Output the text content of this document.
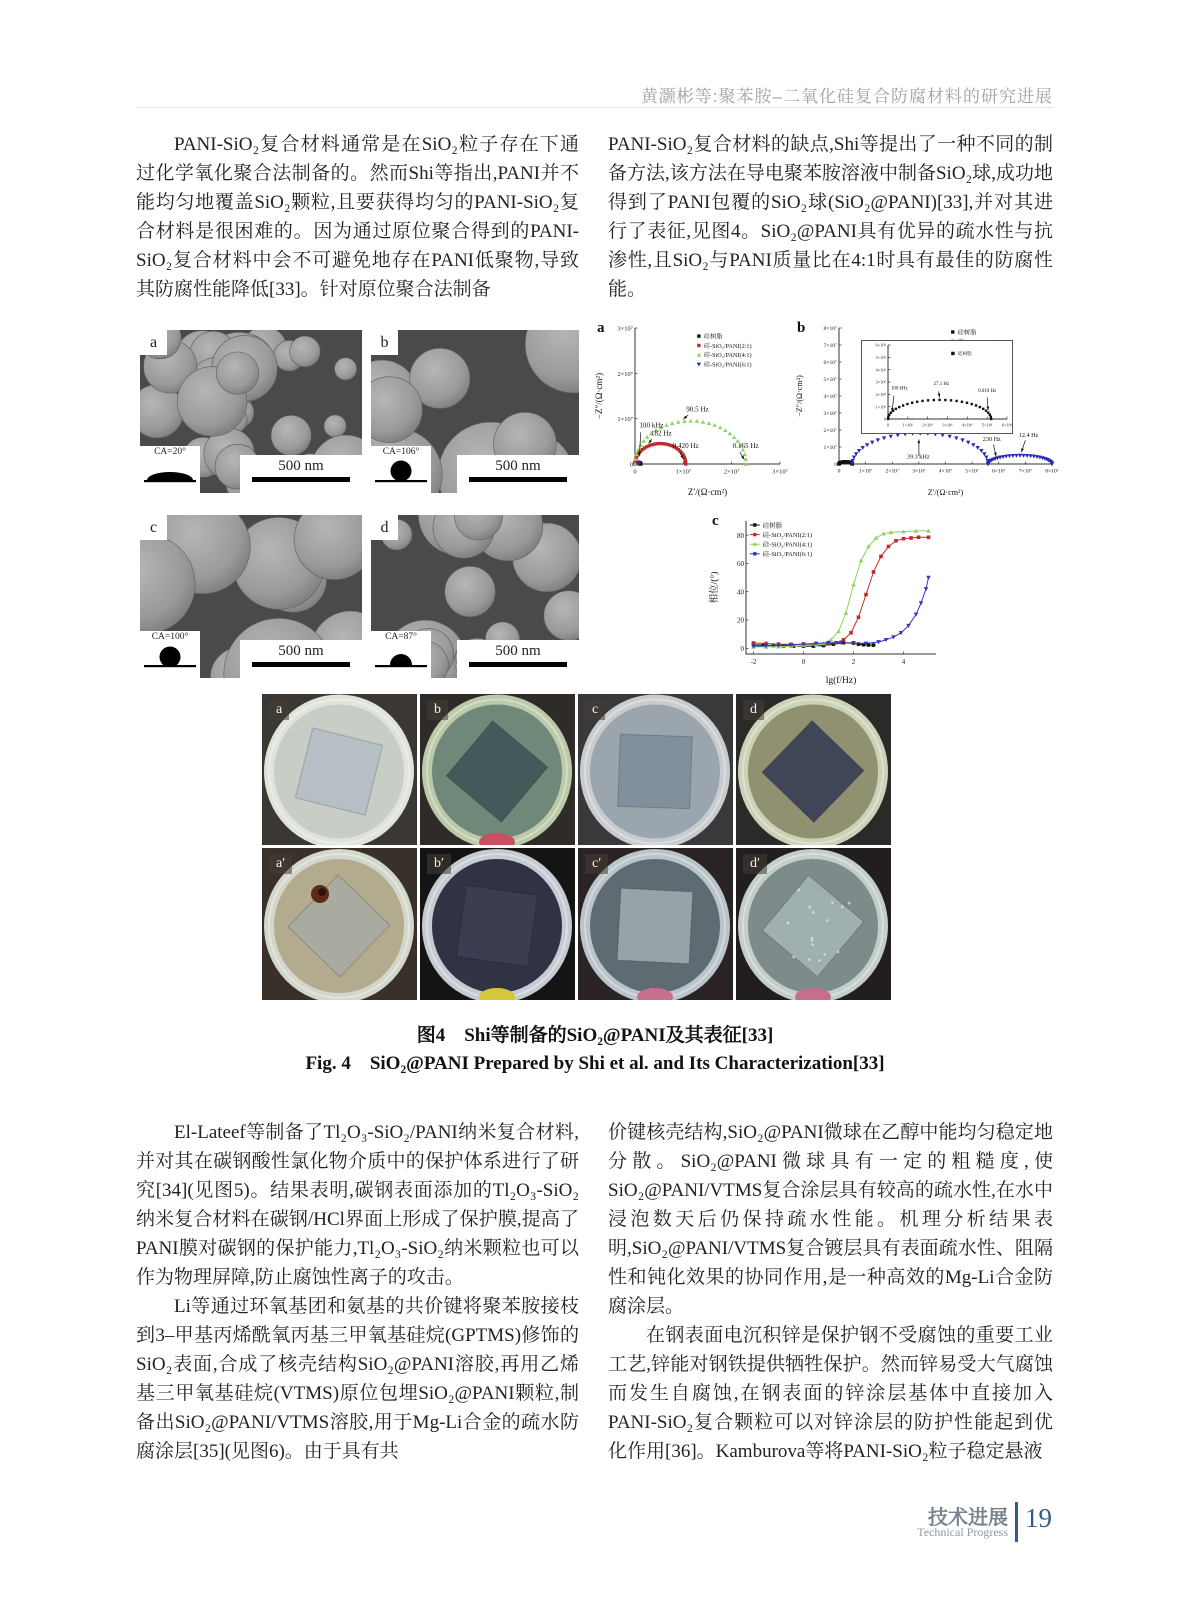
黄灏彬等:聚苯胺–二氧化硅复合防腐材料的研究进展

PANI-SiO₂复合材料通常是在SiO₂粒子存在下通过化学氧化聚合法制备的。然而Shi等指出,PANI并不能均匀地覆盖SiO₂颗粒,且要获得均匀的PANI-SiO₂复合材料是很困难的。因为通过原位聚合得到的PANI-SiO₂复合材料中会不可避免地存在PANI低聚物,导致其防腐性能降低[33]。针对原位聚合法制备

PANI-SiO₂复合材料的缺点,Shi等提出了一种不同的制备方法,该方法在导电聚苯胺溶液中制备SiO₂球,成功地得到了PANI包覆的SiO₂球(SiO₂@PANI)[33],并对其进行了表征,见图4。SiO₂@PANI具有优异的疏水性与抗渗性,且SiO₂与PANI质量比在4:1时具有最佳的防腐性能。

a
CA=20°
500 nm
b
CA=106°
500 nm
c
CA=100°
500 nm
d
CA=87°
500 nm
0	1×10⁷	2×10⁷	3×10⁷
0
1×10⁷
2×10⁷
3×10⁷
Z′/(Ω·cm²)
−Z″/(Ω·cm²)
100 kHz
182 Hz
90.5 Hz
0.420 Hz	0.165 Hz
硅树脂
硅-SiO₂/PANI(2:1)
硅-SiO₂/PANI(4:1)
硅-SiO₂/PANI(6:1)
a
0	1×10⁷ 2×10⁷ 3×10⁷ 4×10⁷ 5×10⁷ 6×10⁷ 7×10⁷ 8×10⁷
0
1×10⁷
2×10⁷
3×10⁷
4×10⁷
5×10⁷
6×10⁷
7×10⁷
8×10⁷
Z′/(Ω·cm²)
−Z″/(Ω·cm²)
39.3 kHz
230 Hz
12.4 Hz
硅树脂
b
0	1×10⁶ 2×10⁶ 3×10⁶ 4×10⁶ 5×10⁶ 6×10⁶
0
1×10⁶
2×10⁶
3×10⁶
4×10⁶
5×10⁶
6×10⁶
100 kHz
27.1 Hz
0.010 Hz
硅树脂
-2	0	2	4
0
20
40
60
80
lg(f/Hz)
相位/(°)
硅树脂
硅-SiO₂/PANI(2:1)
硅-SiO₂/PANI(4:1)
硅-SiO₂/PANI(6:1)
c
a	b	c	d
a′	b′	c′	d′
图4　Shi等制备的SiO₂@PANI及其表征[33]
Fig. 4　SiO₂@PANI Prepared by Shi et al. and Its Characterization[33]

El-Lateef等制备了Tl₂O₃-SiO₂/PANI纳米复合材料,并对其在碳钢酸性氯化物介质中的保护体系进行了研究[34](见图5)。结果表明,碳钢表面添加的Tl₂O₃-SiO₂纳米复合材料在碳钢/HCl界面上形成了保护膜,提高了PANI膜对碳钢的保护能力,Tl₂O₃-SiO₂纳米颗粒也可以作为物理屏障,防止腐蚀性离子的攻击。

Li等通过环氧基团和氨基的共价键将聚苯胺接枝到3–甲基丙烯酰氧丙基三甲氧基硅烷(GPTMS)修饰的SiO₂表面,合成了核壳结构SiO₂@PANI溶胶,再用乙烯基三甲氧基硅烷(VTMS)原位包埋SiO₂@PANI颗粒,制备出SiO₂@PANI/VTMS溶胶,用于Mg-Li合金的疏水防腐涂层[35](见图6)。由于具有共

价键核壳结构,SiO₂@PANI微球在乙醇中能均匀稳定地分散。SiO₂@PANI微球具有一定的粗糙度,使SiO₂@PANI/VTMS复合涂层具有较高的疏水性,在水中浸泡数天后仍保持疏水性能。机理分析结果表明,SiO₂@PANI/VTMS复合镀层具有表面疏水性、阻隔性和钝化效果的协同作用,是一种高效的Mg-Li合金防腐涂层。

在钢表面电沉积锌是保护钢不受腐蚀的重要工业工艺,锌能对钢铁提供牺牲保护。然而锌易受大气腐蚀而发生自腐蚀,在钢表面的锌涂层基体中直接加入PANI-SiO₂复合颗粒可以对锌涂层的防护性能起到优化作用[36]。Kamburova等将PANI-SiO₂粒子稳定悬液

技术进展
Technical Progress 19
